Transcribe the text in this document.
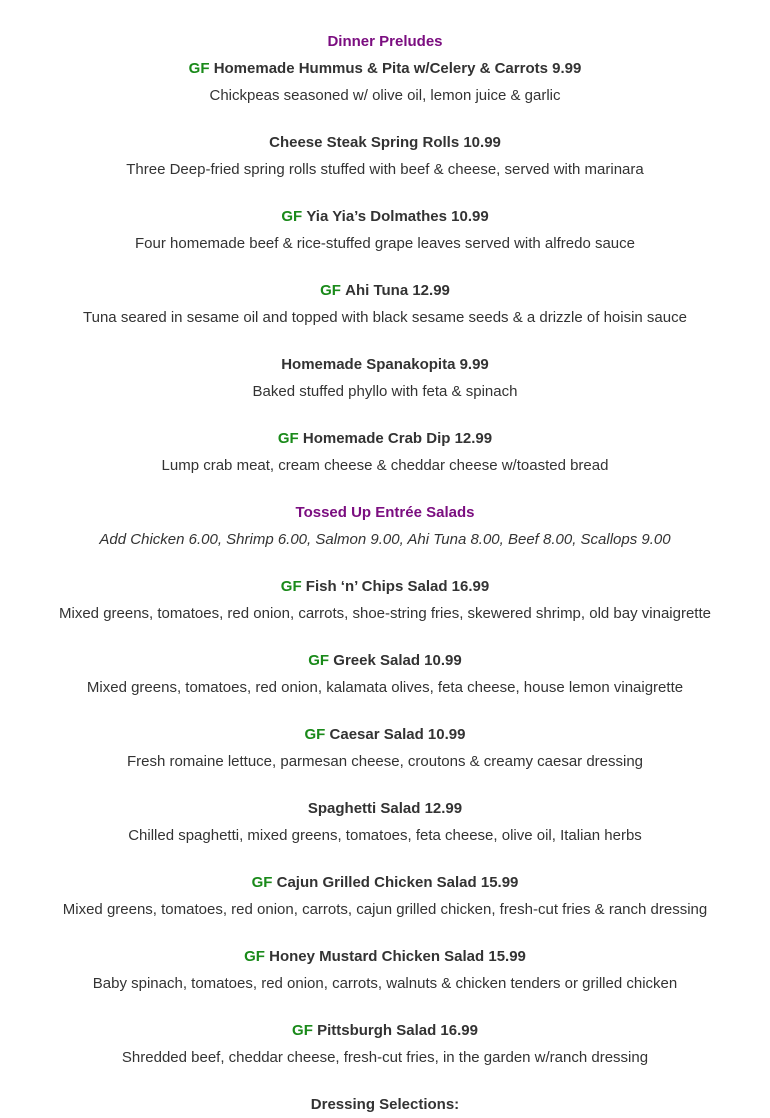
Dinner Preludes
GF Homemade Hummus & Pita w/Celery & Carrots 9.99
Chickpeas seasoned w/ olive oil, lemon juice & garlic
Cheese Steak Spring Rolls 10.99
Three Deep-fried spring rolls stuffed with beef & cheese, served with marinara
GF Yia Yia’s Dolmathes 10.99
Four homemade beef & rice-stuffed grape leaves served with alfredo sauce
GF Ahi Tuna 12.99
Tuna seared in sesame oil and topped with black sesame seeds & a drizzle of hoisin sauce
Homemade Spanakopita 9.99
Baked stuffed phyllo with feta & spinach
GF Homemade Crab Dip 12.99
Lump crab meat, cream cheese & cheddar cheese w/toasted bread
Tossed Up Entrée Salads
Add Chicken 6.00, Shrimp 6.00, Salmon 9.00, Ahi Tuna 8.00, Beef 8.00, Scallops 9.00
GF Fish ‘n’ Chips Salad 16.99
Mixed greens, tomatoes, red onion, carrots, shoe-string fries, skewered shrimp, old bay vinaigrette
GF Greek Salad 10.99
Mixed greens, tomatoes, red onion, kalamata olives, feta cheese, house lemon vinaigrette
GF Caesar Salad 10.99
Fresh romaine lettuce, parmesan cheese, croutons & creamy caesar dressing
Spaghetti Salad 12.99
Chilled spaghetti, mixed greens, tomatoes, feta cheese, olive oil, Italian herbs
GF Cajun Grilled Chicken Salad 15.99
Mixed greens, tomatoes, red onion, carrots, cajun grilled chicken, fresh-cut fries & ranch dressing
GF Honey Mustard Chicken Salad 15.99
Baby spinach, tomatoes, red onion, carrots, walnuts & chicken tenders or grilled chicken
GF Pittsburgh Salad 16.99
Shredded beef, cheddar cheese, fresh-cut fries, in the garden w/ranch dressing
Dressing Selections:
